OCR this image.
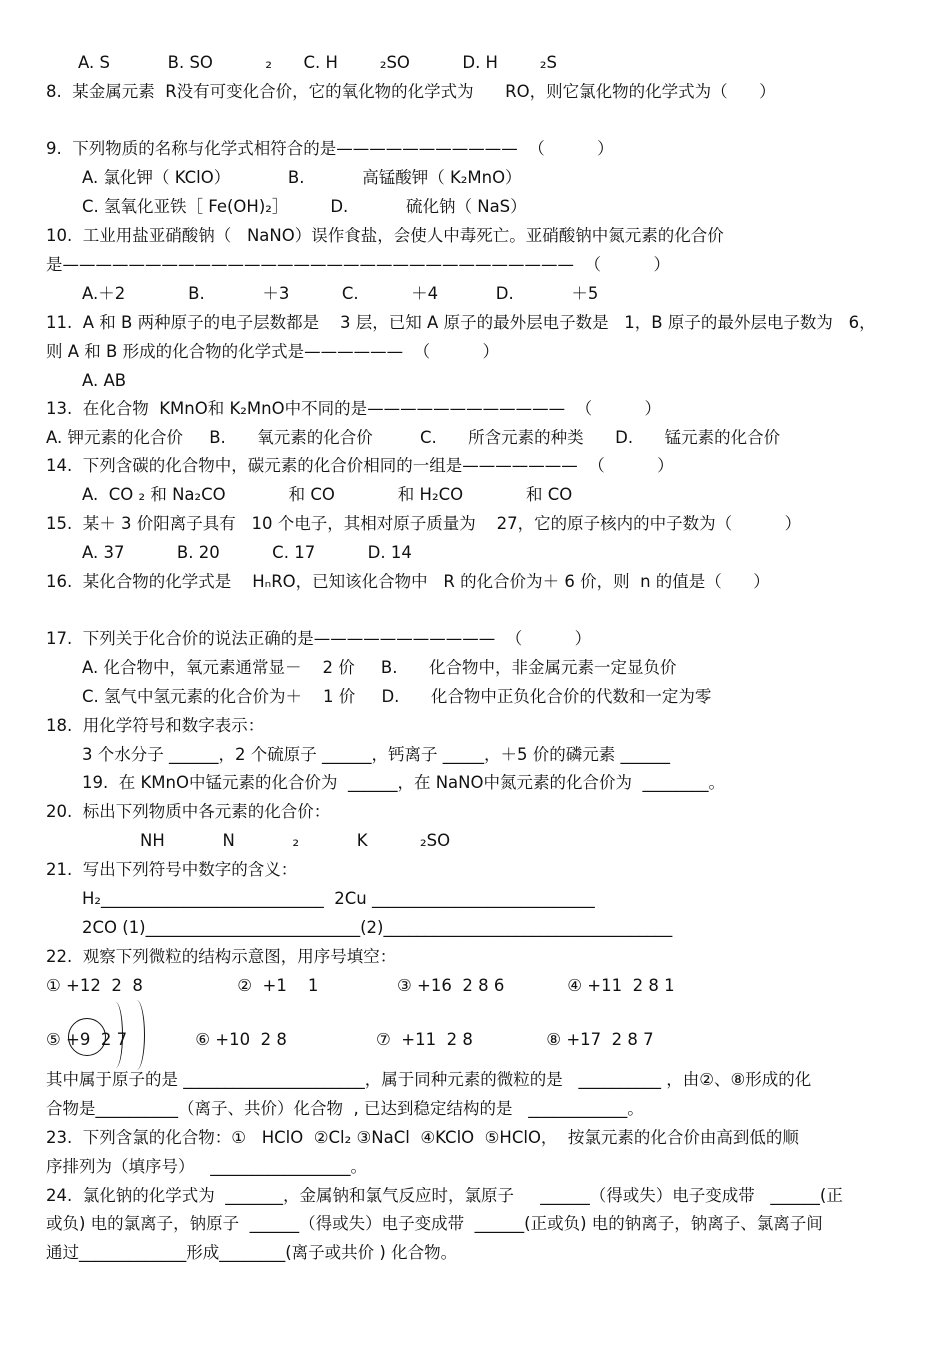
A. S           B. SO          ₂      C. H        ₂SO          D. H        ₂S
8.  某金属元素  R没有可变化合价，它的氧化物的化学式为      RO，则它氯化物的化学式为（      ）
9.  下列物质的名称与化学式相符合的是———————————  （          ）
A. 氯化钾（ KClO）           B.           高锰酸钾（ K₂MnO）
C. 氢氧化亚铁［ Fe(OH)₂］        D.           硫化钠（ NaS）
10.  工业用盐亚硝酸钠（   NaNO）误作食盐，会使人中毒死亡。亚硝酸钠中氮元素的化合价
是———————————————————————————————  （          ）
A.＋2            B.           ＋3          C.          ＋4           D.           ＋5
11.  A 和 B 两种原子的电子层数都是    3 层，已知 A 原子的最外层电子数是   1，B 原子的最外层电子数为   6，
则 A 和 B 形成的化合物的化学式是——————  （          ）
A. AB
13.  在化合物  KMnO和 K₂MnO中不同的是————————————  （          ）
A. 钾元素的化合价     B.      氧元素的化合价         C.      所含元素的种类      D.      锰元素的化合价
14.  下列含碳的化合物中，碳元素的化合价相同的一组是———————  （          ）
A.  CO ₂ 和 Na₂CO            和 CO            和 H₂CO            和 CO
15.  某＋ 3 价阳离子具有   10 个电子，其相对原子质量为    27，它的原子核内的中子数为（          ）
A. 37          B. 20          C. 17          D. 14
16.  某化合物的化学式是    HₙRO，已知该化合物中   R 的化合价为＋ 6 价，则  n 的值是（      ）
17.  下列关于化合价的说法正确的是———————————  （          ）
A. 化合物中，氧元素通常显－    2 价     B.      化合物中，非金属元素一定显负价
C. 氢气中氢元素的化合价为＋    1 价     D.      化合物中正负化合价的代数和一定为零
18.  用化学符号和数字表示：
3 个水分子 ______，2 个硫原子 ______，钙离子 _____，＋5 价的磷元素 ______
19.  在 KMnO中锰元素的化合价为  ______，在 NaNO中氮元素的化合价为  ________。
20.  标出下列物质中各元素的化合价：
NH           N           ₂           K          ₂SO
21.  写出下列符号中数字的含义：
H₂___________________________  2Cu ___________________________
2CO (1)__________________________(2)___________________________________
22.  观察下列微粒的结构示意图，用序号填空：
① +12  2  8                  ②  +1    1               ③ +16  2 8 6            ④ +11  2 8 1
⑤ +9  2 7             ⑥ +10  2 8                 ⑦  +11  2 8              ⑧ +17  2 8 7
其中属于原子的是 ______________________，属于同种元素的微粒的是   __________ ，由②、⑧形成的化
合物是__________（离子、共价）化合物  , 已达到稳定结构的是   ____________。
23.  下列含氯的化合物：①   HClO  ②Cl₂ ③NaCl  ④KClO  ⑤HClO，  按氯元素的化合价由高到低的顺
序排列为（填序号）   _________________。
24.  氯化钠的化学式为  _______，金属钠和氯气反应时，氯原子     ______（得或失）电子变成带   ______(正
或负) 电的氯离子，钠原子  ______（得或失）电子变成带  ______(正或负) 电的钠离子，钠离子、氯离子间
通过_____________形成________(离子或共价 ) 化合物。
